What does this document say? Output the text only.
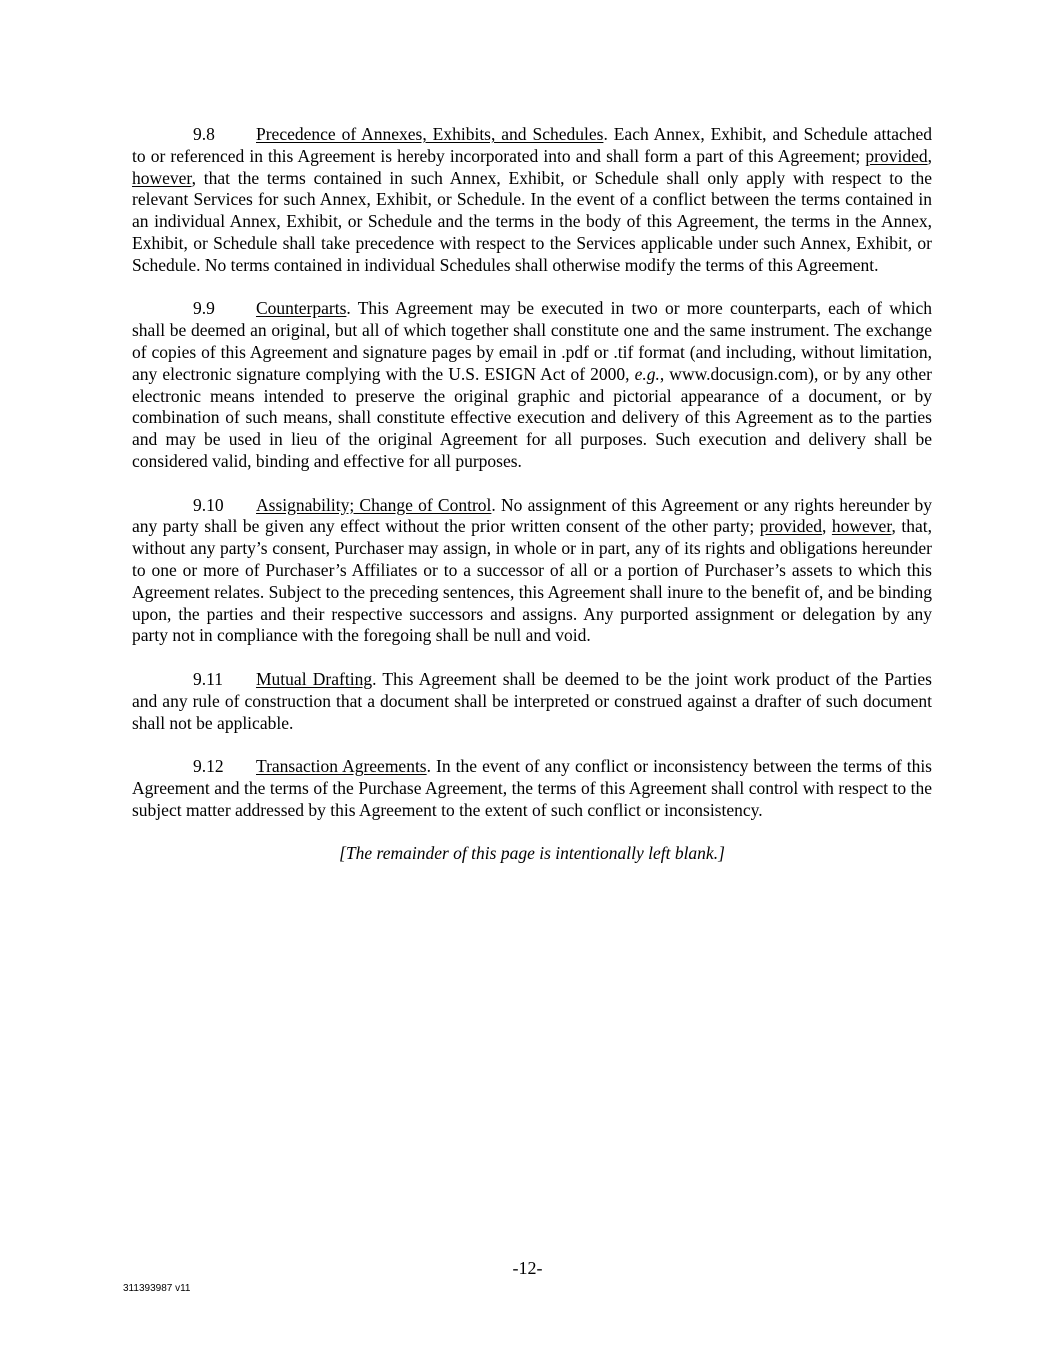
9.8 Precedence of Annexes, Exhibits, and Schedules. Each Annex, Exhibit, and Schedule attached to or referenced in this Agreement is hereby incorporated into and shall form a part of this Agreement; provided, however, that the terms contained in such Annex, Exhibit, or Schedule shall only apply with respect to the relevant Services for such Annex, Exhibit, or Schedule. In the event of a conflict between the terms contained in an individual Annex, Exhibit, or Schedule and the terms in the body of this Agreement, the terms in the Annex, Exhibit, or Schedule shall take precedence with respect to the Services applicable under such Annex, Exhibit, or Schedule. No terms contained in individual Schedules shall otherwise modify the terms of this Agreement.

9.9 Counterparts. This Agreement may be executed in two or more counterparts, each of which shall be deemed an original, but all of which together shall constitute one and the same instrument. The exchange of copies of this Agreement and signature pages by email in .pdf or .tif format (and including, without limitation, any electronic signature complying with the U.S. ESIGN Act of 2000, e.g., www.docusign.com), or by any other electronic means intended to preserve the original graphic and pictorial appearance of a document, or by combination of such means, shall constitute effective execution and delivery of this Agreement as to the parties and may be used in lieu of the original Agreement for all purposes. Such execution and delivery shall be considered valid, binding and effective for all purposes.

9.10 Assignability; Change of Control. No assignment of this Agreement or any rights hereunder by any party shall be given any effect without the prior written consent of the other party; provided, however, that, without any party’s consent, Purchaser may assign, in whole or in part, any of its rights and obligations hereunder to one or more of Purchaser’s Affiliates or to a successor of all or a portion of Purchaser’s assets to which this Agreement relates. Subject to the preceding sentences, this Agreement shall inure to the benefit of, and be binding upon, the parties and their respective successors and assigns. Any purported assignment or delegation by any party not in compliance with the foregoing shall be null and void.

9.11 Mutual Drafting. This Agreement shall be deemed to be the joint work product of the Parties and any rule of construction that a document shall be interpreted or construed against a drafter of such document shall not be applicable.

9.12 Transaction Agreements. In the event of any conflict or inconsistency between the terms of this Agreement and the terms of the Purchase Agreement, the terms of this Agreement shall control with respect to the subject matter addressed by this Agreement to the extent of such conflict or inconsistency.

[The remainder of this page is intentionally left blank.]

-12-
311393987 v11
